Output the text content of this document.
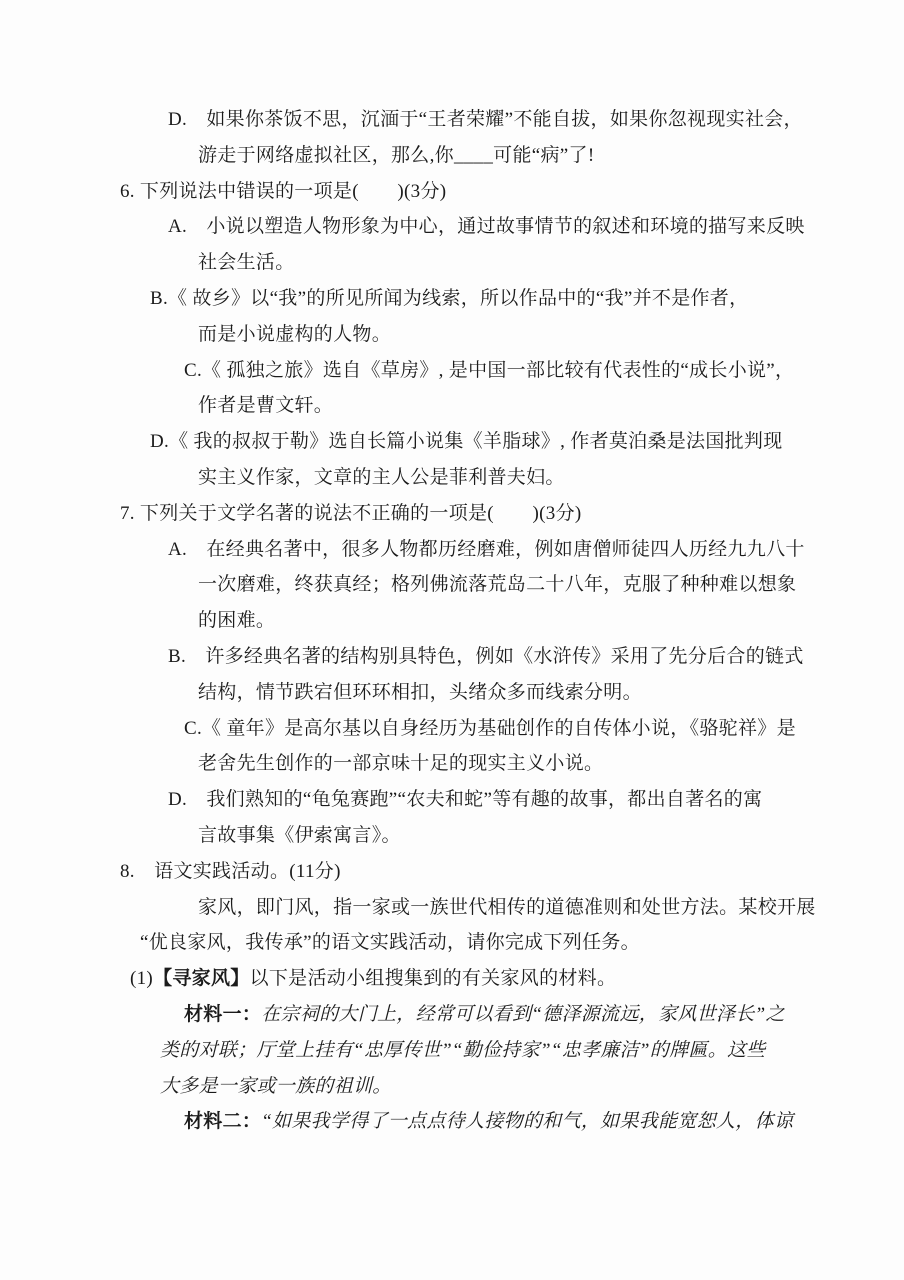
D.　如果你茶饭不思，沉湎于“王者荣耀”不能自拔，如果你忽视现实社会，
游走于网络虚拟社区，那么,你____可能“病”了!
6. 下列说法中错误的一项是(　　)(3分)
A.　小说以塑造人物形象为中心，通过故事情节的叙述和环境的描写来反映
社会生活。
B.《 故乡》以“我”的所见所闻为线索，所以作品中的“我”并不是作者，
而是小说虚构的人物。
C.《 孤独之旅》选自《草房》, 是中国一部比较有代表性的“成长小说”，
作者是曹文轩。
D.《 我的叔叔于勒》选自长篇小说集《羊脂球》, 作者莫泊桑是法国批判现
实主义作家，文章的主人公是菲利普夫妇。
7. 下列关于文学名著的说法不正确的一项是(　　)(3分)
A.　在经典名著中，很多人物都历经磨难，例如唐僧师徒四人历经九九八十
一次磨难，终获真经；格列佛流落荒岛二十八年，克服了种种难以想象
的困难。
B.　许多经典名著的结构别具特色，例如《水浒传》采用了先分后合的链式
结构，情节跌宕但环环相扣，头绪众多而线索分明。
C.《 童年》是高尔基以自身经历为基础创作的自传体小说，《骆驼祥》是
老舍先生创作的一部京味十足的现实主义小说。
D.　我们熟知的“龟兔赛跑”“农夫和蛇”等有趣的故事，都出自著名的寓
言故事集《伊索寓言》。
8.　语文实践活动。(11分)
家风，即门风，指一家或一族世代相传的道德准则和处世方法。某校开展
“优良家风，我传承”的语文实践活动，请你完成下列任务。
(1)【寻家风】以下是活动小组搜集到的有关家风的材料。
材料一：在宗祠的大门上，经常可以看到“德泽源流远，家风世泽长”之
类的对联；厅堂上挂有“忠厚传世”“勤俭持家”“忠孝廉洁”的牌匾。这些
大多是一家或一族的祖训。
材料二：“如果我学得了一点点待人接物的和气，如果我能宽恕人，体谅
